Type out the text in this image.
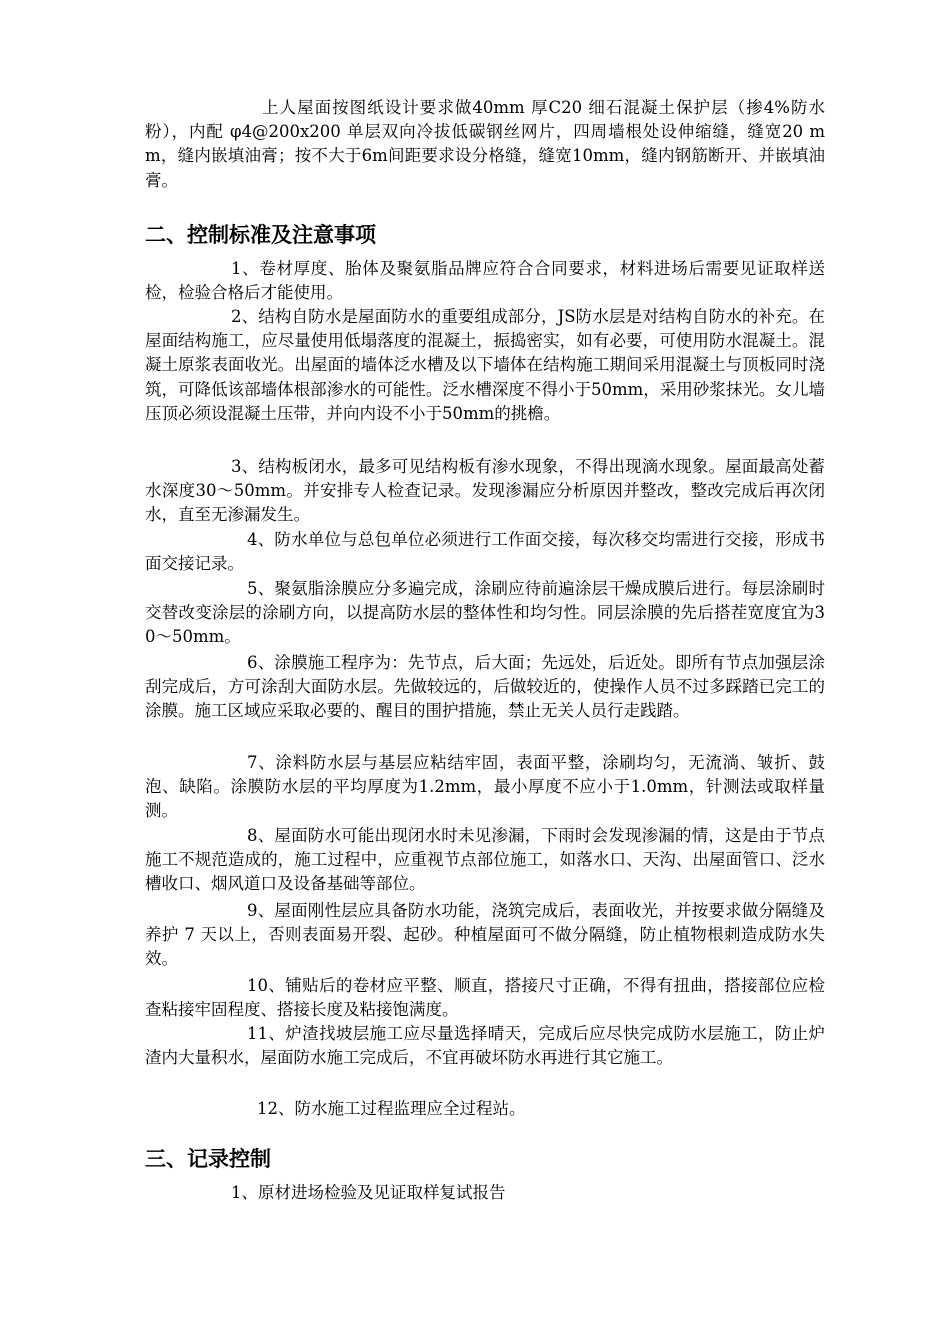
上人屋面按图纸设计要求做40mm 厚C20 细石混凝土保护层（掺4%防水粉），内配 φ4@200x200 单层双向冷拔低碳钢丝网片，四周墙根处设伸缩缝，缝宽20 mm，缝内嵌填油膏；按不大于6m间距要求设分格缝，缝宽10mm，缝内钢筋断开、并嵌填油膏。
二、控制标准及注意事项
1、卷材厚度、胎体及聚氨脂品牌应符合合同要求，材料进场后需要见证取样送检，检验合格后才能使用。
2、结构自防水是屋面防水的重要组成部分，JS防水层是对结构自防水的补充。在屋面结构施工，应尽量使用低塌落度的混凝土，振捣密实，如有必要，可使用防水混凝土。混凝土原浆表面收光。出屋面的墙体泛水槽及以下墙体在结构施工期间采用混凝土与顶板同时浇筑，可降低该部墙体根部渗水的可能性。泛水槽深度不得小于50mm，采用砂浆抹光。女儿墙压顶必须设混凝土压带，并向内设不小于50mm的挑檐。
3、结构板闭水，最多可见结构板有渗水现象，不得出现滴水现象。屋面最高处蓄水深度30～50mm。并安排专人检查记录。发现渗漏应分析原因并整改，整改完成后再次闭水，直至无渗漏发生。
4、防水单位与总包单位必须进行工作面交接，每次移交均需进行交接，形成书面交接记录。
5、聚氨脂涂膜应分多遍完成，涂刷应待前遍涂层干燥成膜后进行。每层涂刷时交替改变涂层的涂刷方向，以提高防水层的整体性和均匀性。同层涂膜的先后搭茬宽度宜为30～50mm。
6、涂膜施工程序为：先节点，后大面；先远处，后近处。即所有节点加强层涂刮完成后，方可涂刮大面防水层。先做较远的，后做较近的，使操作人员不过多踩踏已完工的涂膜。施工区域应采取必要的、醒目的围护措施，禁止无关人员行走践踏。
7、涂料防水层与基层应粘结牢固，表面平整，涂刷均匀，无流淌、皱折、鼓泡、缺陷。涂膜防水层的平均厚度为1.2mm，最小厚度不应小于1.0mm，针测法或取样量测。
8、屋面防水可能出现闭水时未见渗漏，下雨时会发现渗漏的情，这是由于节点施工不规范造成的，施工过程中，应重视节点部位施工，如落水口、天沟、出屋面管口、泛水槽收口、烟风道口及设备基础等部位。
9、屋面刚性层应具备防水功能，浇筑完成后，表面收光，并按要求做分隔缝及养护 7 天以上，否则表面易开裂、起砂。种植屋面可不做分隔缝，防止植物根刺造成防水失效。
10、铺贴后的卷材应平整、顺直，搭接尺寸正确，不得有扭曲，搭接部位应检查粘接牢固程度、搭接长度及粘接饱满度。
11、炉渣找坡层施工应尽量选择晴天，完成后应尽快完成防水层施工，防止炉渣内大量积水，屋面防水施工完成后，不宜再破坏防水再进行其它施工。
12、防水施工过程监理应全过程站。
三、记录控制
1、原材进场检验及见证取样复试报告
